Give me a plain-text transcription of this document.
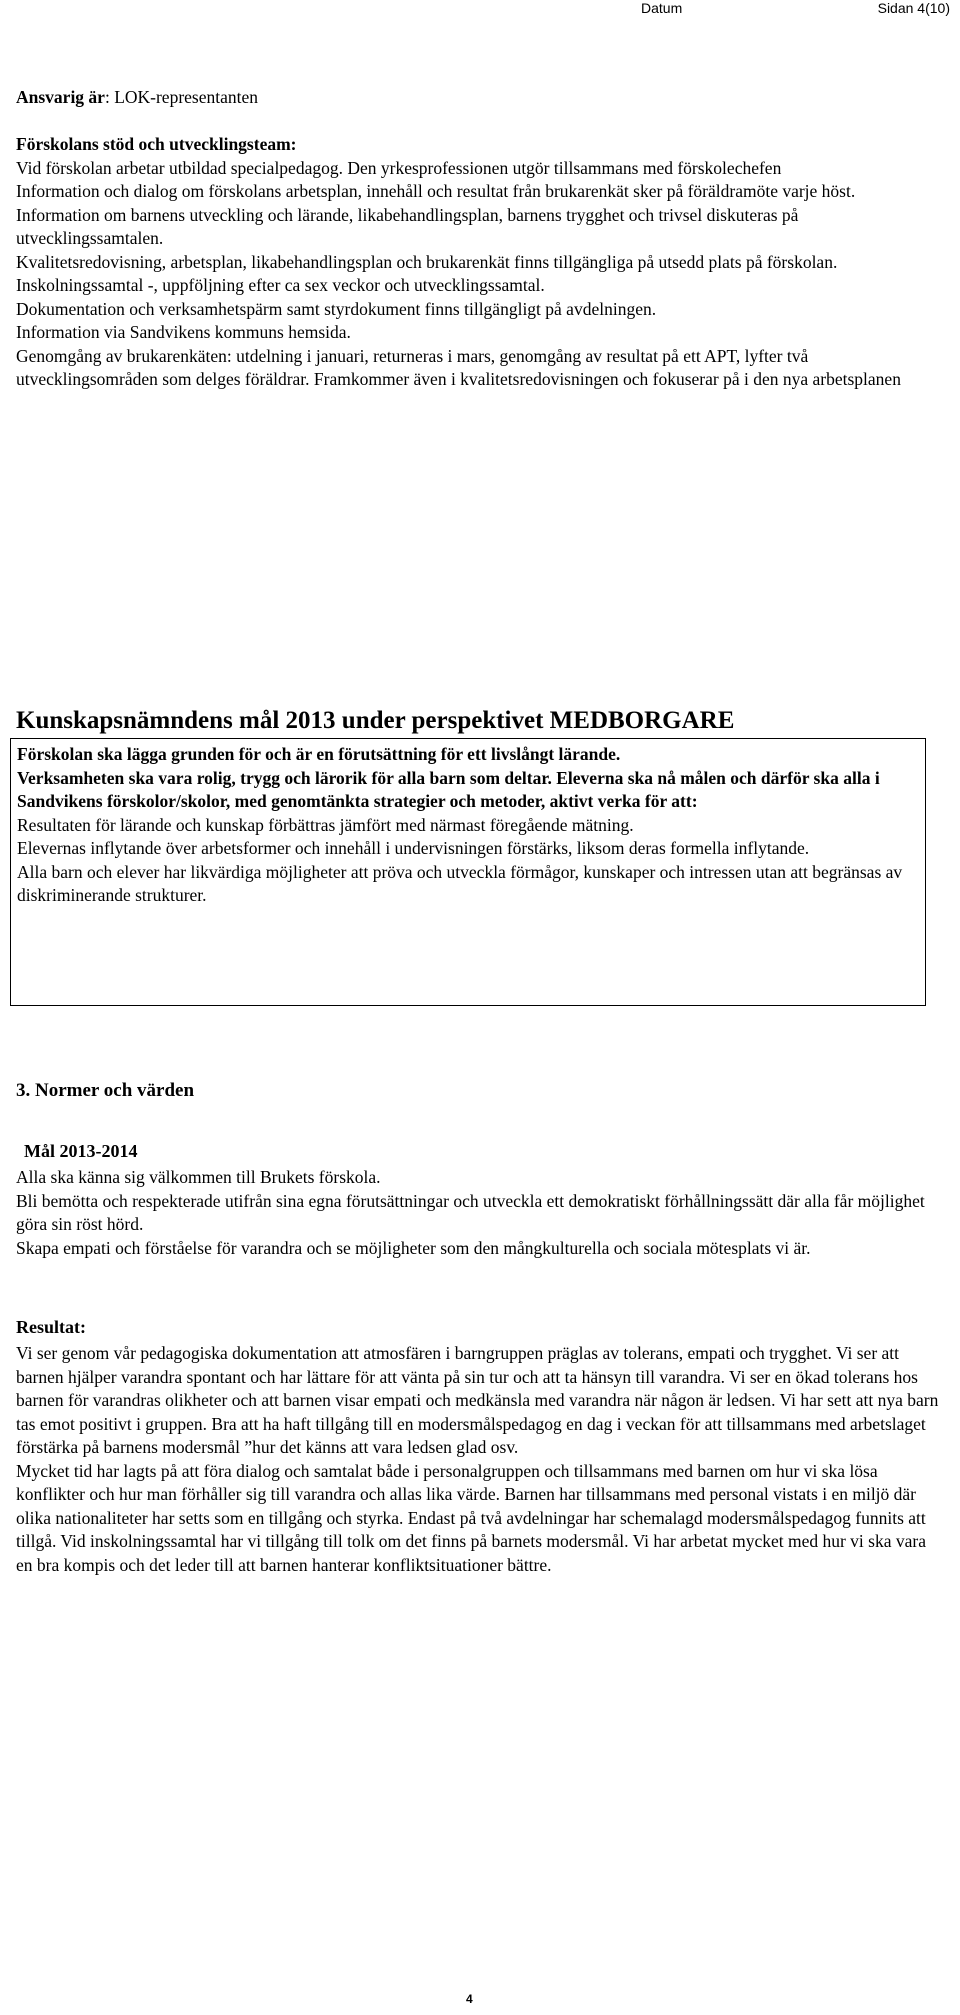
Datum	Sidan 4(10)

Ansvarig är: LOK-representanten

Förskolans stöd och utvecklingsteam:

Vid förskolan arbetar utbildad specialpedagog. Den yrkesprofessionen utgör tillsammans med förskolechefen

Information och dialog om förskolans arbetsplan, innehåll och resultat från brukarenkät sker på föräldramöte varje höst.

Information om barnens utveckling och lärande, likabehandlingsplan, barnens trygghet och trivsel diskuteras på utvecklingssamtalen.

Kvalitetsredovisning, arbetsplan, likabehandlingsplan och brukarenkät finns tillgängliga på utsedd plats på förskolan.

Inskolningssamtal -, uppföljning efter ca sex veckor och utvecklingssamtal.

Dokumentation och verksamhetspärm samt styrdokument finns tillgängligt på avdelningen.

Information via Sandvikens kommuns hemsida.

Genomgång av brukarenkäten: utdelning i januari, returneras i mars, genomgång av resultat på ett APT, lyfter två utvecklingsområden som delges föräldrar. Framkommer även i kvalitetsredovisningen och fokuserar på i den nya arbetsplanen

Kunskapsnämndens mål 2013 under perspektivet MEDBORGARE

Förskolan ska lägga grunden för och är en förutsättning för ett livslångt lärande.

Verksamheten ska vara rolig, trygg och lärorik för alla barn som deltar. Eleverna ska nå målen och därför ska alla i Sandvikens förskolor/skolor, med genomtänkta strategier och metoder, aktivt verka för att:

Resultaten för lärande och kunskap förbättras jämfört med närmast föregående mätning.

Elevernas inflytande över arbetsformer och innehåll i undervisningen förstärks, liksom deras formella inflytande.

Alla barn och elever har likvärdiga möjligheter att pröva och utveckla förmågor, kunskaper och intressen utan att begränsas av diskriminerande strukturer.

3. Normer och värden
Mål 2013-2014

Alla ska känna sig välkommen till Brukets förskola.

Bli bemötta och respekterade utifrån sina egna förutsättningar och utveckla ett demokratiskt förhållningssätt där alla får möjlighet göra sin röst hörd.

Skapa empati och förståelse för varandra och se möjligheter som den mångkulturella och sociala mötesplats vi är.

Resultat:

Vi ser genom vår pedagogiska dokumentation att atmosfären i barngruppen präglas av tolerans, empati och trygghet. Vi ser att barnen hjälper varandra spontant och har lättare för att vänta på sin tur och att ta hänsyn till varandra. Vi ser en ökad tolerans hos barnen för varandras olikheter och att barnen visar empati och medkänsla med varandra när någon är ledsen. Vi har sett att nya barn tas emot positivt i gruppen. Bra att ha haft tillgång till en modersmålspedagog en dag i veckan för att tillsammans med arbetslaget förstärka på barnens modersmål ”hur det känns att vara ledsen glad osv.

Mycket tid har lagts på att föra dialog och samtalat både i personalgruppen och tillsammans med barnen om hur vi ska lösa konflikter och hur man förhåller sig till varandra och allas lika värde. Barnen har tillsammans med personal vistats i en miljö där olika nationaliteter har setts som en tillgång och styrka. Endast på två avdelningar har schemalagd modersmålspedagog funnits att tillgå. Vid inskolningssamtal har vi tillgång till tolk om det finns på barnets modersmål. Vi har arbetat mycket med hur vi ska vara en bra kompis och det leder till att barnen hanterar konfliktsituationer bättre.

4
